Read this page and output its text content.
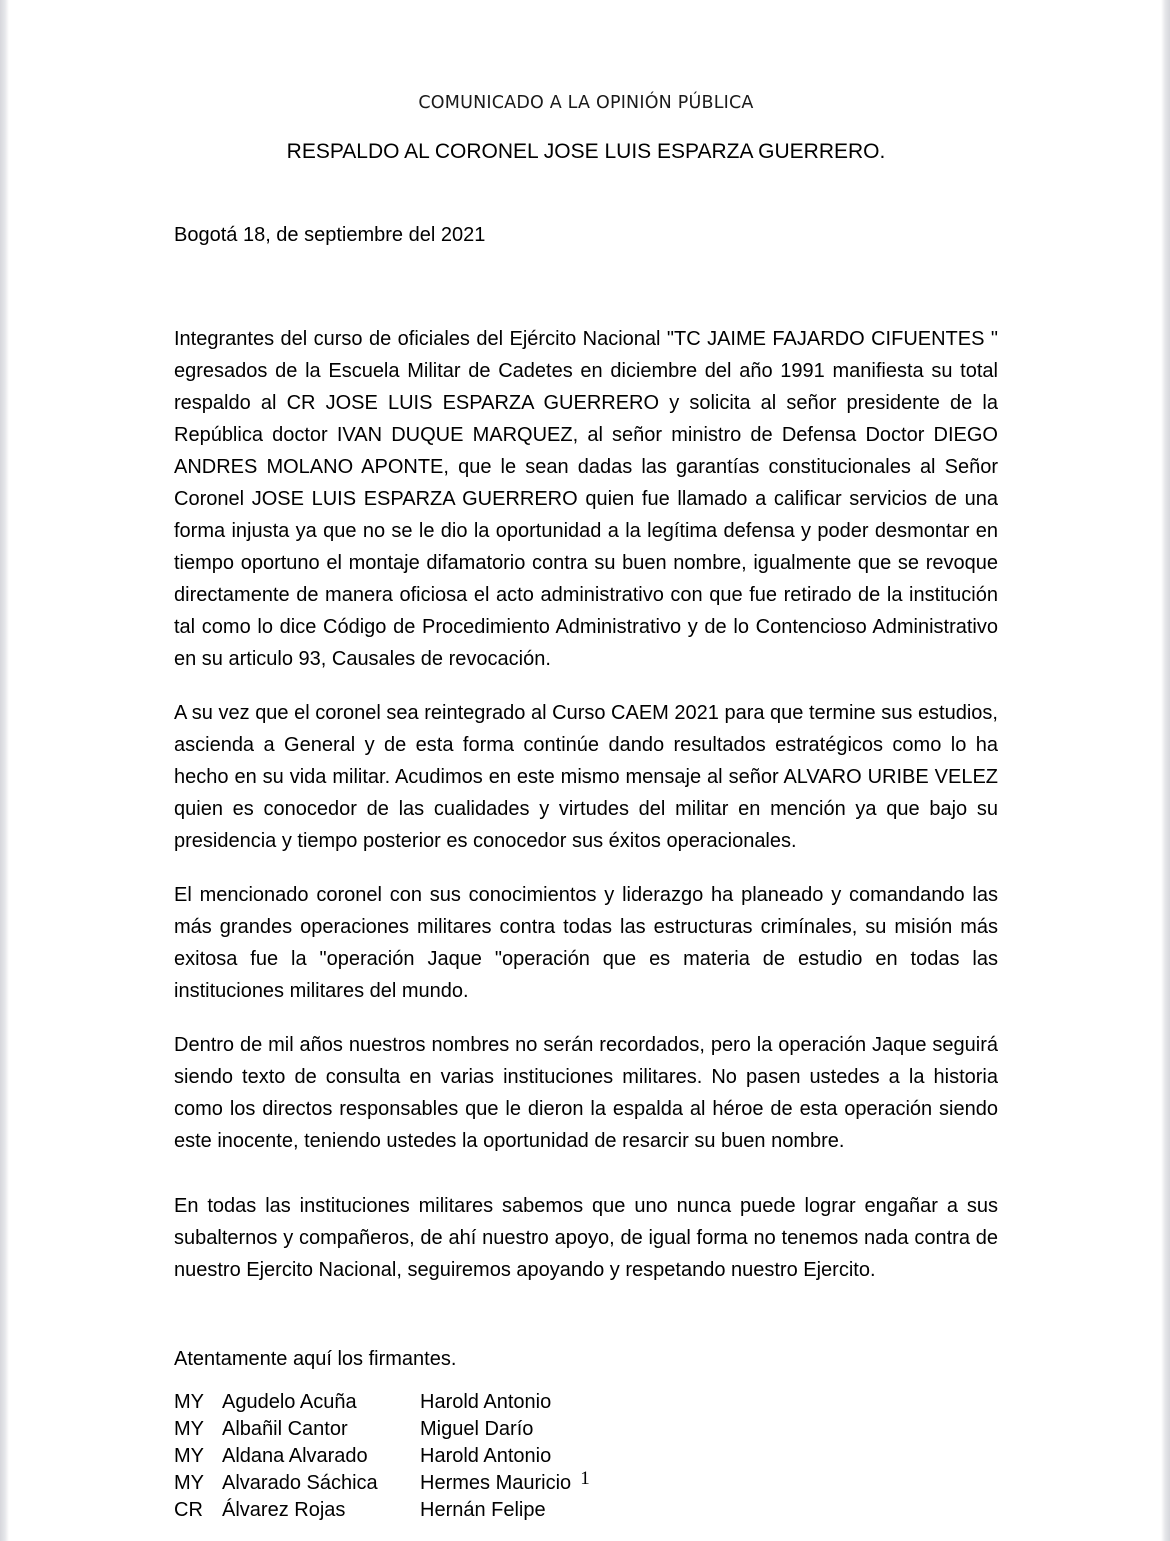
COMUNICADO A LA OPINIÓN PÚBLICA
RESPALDO AL CORONEL JOSE LUIS ESPARZA GUERRERO.
Bogotá 18, de septiembre del 2021

Integrantes del curso de oficiales del Ejército Nacional "TC JAIME FAJARDO CIFUENTES " egresados de la Escuela Militar de Cadetes en diciembre del año 1991 manifiesta su total respaldo al CR JOSE LUIS ESPARZA GUERRERO y solicita al señor presidente de la República doctor IVAN DUQUE MARQUEZ, al señor ministro de Defensa Doctor DIEGO ANDRES MOLANO APONTE, que le sean dadas las garantías constitucionales al Señor Coronel JOSE LUIS ESPARZA GUERRERO quien fue llamado a calificar servicios de una forma injusta ya que no se le dio la oportunidad a la legítima defensa y poder desmontar en tiempo oportuno el montaje difamatorio contra su buen nombre, igualmente que se revoque directamente de manera oficiosa el acto administrativo con que fue retirado de la institución tal como lo dice Código de Procedimiento Administrativo y de lo Contencioso Administrativo en su articulo 93, Causales de revocación.

A su vez que el coronel sea reintegrado al Curso CAEM 2021 para que termine sus estudios, ascienda a General y de esta forma continúe dando resultados estratégicos como lo ha hecho en su vida militar. Acudimos en este mismo mensaje al señor ALVARO URIBE VELEZ quien es conocedor de las cualidades y virtudes del militar en mención ya que bajo su presidencia y tiempo posterior es conocedor sus éxitos operacionales.

El mencionado coronel con sus conocimientos y liderazgo ha planeado y comandando las más grandes operaciones militares contra todas las estructuras crimínales, su misión más exitosa fue la "operación Jaque "operación que es materia de estudio en todas las instituciones militares del mundo.

Dentro de mil años nuestros nombres no serán recordados, pero la operación Jaque seguirá siendo texto de consulta en varias instituciones militares. No pasen ustedes a la historia como los directos responsables que le dieron la espalda al héroe de esta operación siendo este inocente, teniendo ustedes la oportunidad de resarcir su buen nombre.

En todas las instituciones militares sabemos que uno nunca puede lograr engañar a sus subalternos y compañeros, de ahí nuestro apoyo, de igual forma no tenemos nada contra de nuestro Ejercito Nacional, seguiremos apoyando y respetando nuestro Ejercito.

Atentamente aquí los firmantes.
MY	Agudelo Acuña	Harold Antonio
MY	Albañil Cantor	Miguel Darío
MY	Aldana Alvarado	Harold Antonio
MY	Alvarado Sáchica	Hermes Mauricio
CR	Álvarez Rojas	Hernán Felipe
1
